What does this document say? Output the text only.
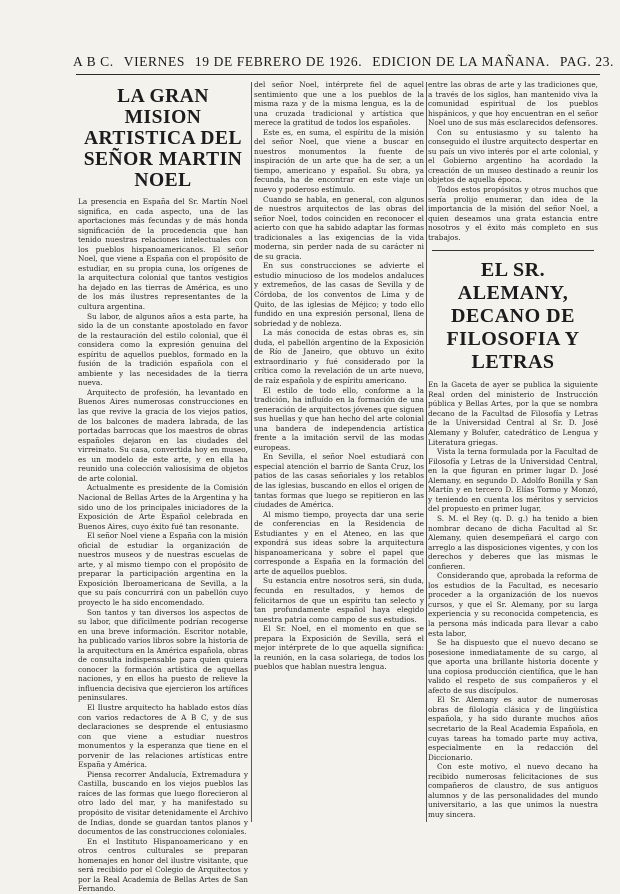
A B C. VIERNES 19 DE FEBRERO DE 1926. EDICION DE LA MAÑANA. PAG. 23.
LA GRAN MISION ARTISTICA DEL SEÑOR MARTIN NOEL

La presencia en España del Sr. Martín Noel significa, en cada aspecto, una de las aportaciones más fecundas y de más honda significación de la procedencia que han tenido nuestras relaciones intelectuales con los pueblos hispanoamericanos. El señor Noel, que viene a España con el propósito de estudiar, en su propia cuna, los orígenes de la arquitectura colonial que tantos vestigios ha dejado en las tierras de América, es uno de los más ilustres representantes de la cultura argentina.

Su labor, de algunos años a esta parte, ha sido la de un constante apostolado en favor de la restauración del estilo colonial, que él considera como la expresión genuina del espíritu de aquellos pueblos, formado en la fusión de la tradición española con el ambiente y las necesidades de la tierra nueva.

Arquitecto de profesión, ha levantado en Buenos Aires numerosas construcciones en las que revive la gracia de los viejos patios, de los balcones de madera labrada, de las portadas barrocas que los maestros de obras españoles dejaron en las ciudades del virreinato. Su casa, convertida hoy en museo, es un modelo de este arte, y en ella ha reunido una colección valiosísima de objetos de arte colonial.

Actualmente es presidente de la Comisión Nacional de Bellas Artes de la Argentina y ha sido uno de los principales iniciadores de la Exposición de Arte Español celebrada en Buenos Aires, cuyo éxito fué tan resonante.

El señor Noel viene a España con la misión oficial de estudiar la organización de nuestros museos y de nuestras escuelas de arte, y al mismo tiempo con el propósito de preparar la participación argentina en la Exposición Iberoamericana de Sevilla, a la que su país concurrirá con un pabellón cuyo proyecto le ha sido encomendado.

Son tantos y tan diversos los aspectos de su labor, que difícilmente podrían recogerse en una breve información. Escritor notable, ha publicado varios libros sobre la historia de la arquitectura en la América española, obras de consulta indispensable para quien quiera conocer la formación artística de aquellas naciones, y en ellos ha puesto de relieve la influencia decisiva que ejercieron los artífices peninsulares.

El Ilustre arquitecto ha hablado estos días con varios redactores de A B C, y de sus declaraciones se desprende el entusiasmo con que viene a estudiar nuestros monumentos y la esperanza que tiene en el porvenir de las relaciones artísticas entre España y América.

Piensa recorrer Andalucía, Extremadura y Castilla, buscando en los viejos pueblos las raíces de las formas que luego florecieron al otro lado del mar, y ha manifestado su propósito de visitar detenidamente el Archivo de Indias, donde se guardan tantos planos y documentos de las construcciones coloniales.

En el Instituto Hispanoamericano y en otros centros culturales se preparan homenajes en honor del ilustre visitante, que será recibido por el Colegio de Arquitectos y por la Real Academia de Bellas Artes de San Fernando.

del señor Noel, intérprete fiel de aquel sentimiento que une a los pueblos de la misma raza y de la misma lengua, es la de una cruzada tradicional y artística que merece la gratitud de todos los españoles.

Este es, en suma, el espíritu de la misión del señor Noel, que viene a buscar en nuestros monumentos la fuente de inspiración de un arte que ha de ser, a un tiempo, americano y español. Su obra, ya fecunda, ha de encontrar en este viaje un nuevo y poderoso estímulo.

Cuando se habla, en general, con algunos de nuestros arquitectos de las obras del señor Noel, todos coinciden en reconocer el acierto con que ha sabido adaptar las formas tradicionales a las exigencias de la vida moderna, sin perder nada de su carácter ni de su gracia.

En sus construcciones se advierte el estudio minucioso de los modelos andaluces y extremeños, de las casas de Sevilla y de Córdoba, de los conventos de Lima y de Quito, de las iglesias de Méjico; y todo ello fundido en una expresión personal, llena de sobriedad y de nobleza.

La más conocida de estas obras es, sin duda, el pabellón argentino de la Exposición de Río de Janeiro, que obtuvo un éxito extraordinario y fué considerado por la crítica como la revelación de un arte nuevo, de raíz española y de espíritu americano.

El estilo de todo ello, conforme a la tradición, ha influído en la formación de una generación de arquitectos jóvenes que siguen sus huellas y que han hecho del arte colonial una bandera de independencia artística frente a la imitación servil de las modas europeas.

En Sevilla, el señor Noel estudiará con especial atención el barrio de Santa Cruz, los patios de las casas señoriales y los retablos de las iglesias, buscando en ellos el origen de tantas formas que luego se repitieron en las ciudades de América.

Al mismo tiempo, proyecta dar una serie de conferencias en la Residencia de Estudiantes y en el Ateneo, en las que expondrá sus ideas sobre la arquitectura hispanoamericana y sobre el papel que corresponde a España en la formación del arte de aquellos pueblos.

Su estancia entre nosotros será, sin duda, fecunda en resultados, y hemos de felicitarnos de que un espíritu tan selecto y tan profundamente español haya elegido nuestra patria como campo de sus estudios.

El Sr. Noel, en el momento en que se prepara la Exposición de Sevilla, será el mejor intérprete de lo que aquella significa: la reunión, en la casa solariega, de todos los pueblos que hablan nuestra lengua.

entre las obras de arte y las tradiciones que, a través de los siglos, han mantenido viva la comunidad espiritual de los pueblos hispánicos, y que hoy encuentran en el señor Noel uno de sus más esclarecidos defensores.

Con su entusiasmo y su talento ha conseguido el ilustre arquitecto despertar en su país un vivo interés por el arte colonial, y el Gobierno argentino ha acordado la creación de un museo destinado a reunir los objetos de aquella época.

Todos estos propósitos y otros muchos que sería prolijo enumerar, dan idea de la importancia de la misión del señor Noel, a quien deseamos una grata estancia entre nosotros y el éxito más completo en sus trabajos.

EL SR. ALEMANY, DECANO DE FILOSOFIA Y LETRAS

En la Gaceta de ayer se publica la siguiente Real orden del ministerio de Instrucción pública y Bellas Artes, por la que se nombra decano de la Facultad de Filosofía y Letras de la Universidad Central al Sr. D. José Alemany y Bolufer, catedrático de Lengua y Literatura griegas.

Vista la terna formulada por la Facultad de Filosofía y Letras de la Universidad Central, en la que figuran en primer lugar D. José Alemany, en segundo D. Adolfo Bonilla y San Martín y en tercero D. Elías Tormo y Monzó, y teniendo en cuenta los méritos y servicios del propuesto en primer lugar,

S. M. el Rey (q. D. g.) ha tenido a bien nombrar decano de dicha Facultad al Sr. Alemany, quien desempeñará el cargo con arreglo a las disposiciones vigentes, y con los derechos y deberes que las mismas le confieren.

Considerando que, aprobada la reforma de los estudios de la Facultad, es necesario proceder a la organización de los nuevos cursos, y que el Sr. Alemany, por su larga experiencia y su reconocida competencia, es la persona más indicada para llevar a cabo esta labor,

Se ha dispuesto que el nuevo decano se posesione inmediatamente de su cargo, al que aporta una brillante historia docente y una copiosa producción científica, que le han valido el respeto de sus compañeros y el afecto de sus discípulos.

El Sr. Alemany es autor de numerosas obras de filología clásica y de lingüística española, y ha sido durante muchos años secretario de la Real Academia Española, en cuyas tareas ha tomado parte muy activa, especialmente en la redacción del Diccionario.

Con este motivo, el nuevo decano ha recibido numerosas felicitaciones de sus compañeros de claustro, de sus antiguos alumnos y de las personalidades del mundo universitario, a las que unimos la nuestra muy sincera.
